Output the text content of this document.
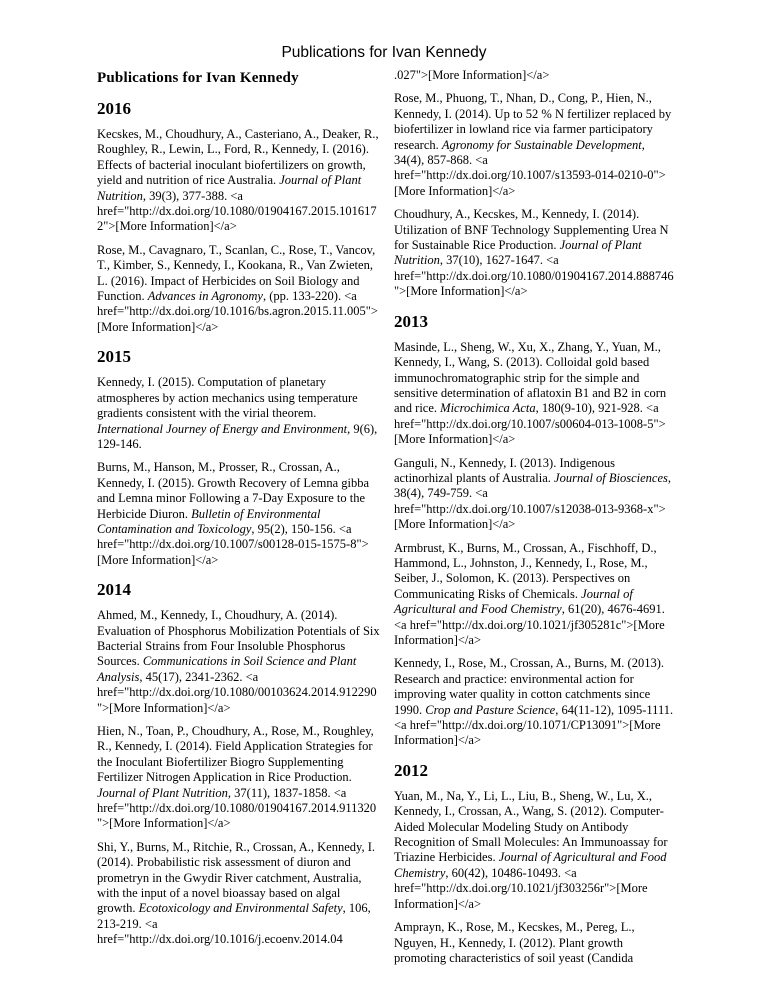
Publications for Ivan Kennedy
Publications for Ivan Kennedy
2016

Kecskes, M., Choudhury, A., Casteriano, A., Deaker, R., Roughley, R., Lewin, L., Ford, R., Kennedy, I. (2016). Effects of bacterial inoculant biofertilizers on growth, yield and nutrition of rice Australia. Journal of Plant Nutrition, 39(3), 377-388. <a href="http://dx.doi.org/10.1080/01904167.2015.1016172">[More Information]</a>

Rose, M., Cavagnaro, T., Scanlan, C., Rose, T., Vancov, T., Kimber, S., Kennedy, I., Kookana, R., Van Zwieten, L. (2016). Impact of Herbicides on Soil Biology and Function. Advances in Agronomy, (pp. 133-220). <a href="http://dx.doi.org/10.1016/bs.agron.2015.11.005">[More Information]</a>

2015

Kennedy, I. (2015). Computation of planetary atmospheres by action mechanics using temperature gradients consistent with the virial theorem. International Journey of Energy and Environment, 9(6), 129-146.

Burns, M., Hanson, M., Prosser, R., Crossan, A., Kennedy, I. (2015). Growth Recovery of Lemna gibba and Lemna minor Following a 7-Day Exposure to the Herbicide Diuron. Bulletin of Environmental Contamination and Toxicology, 95(2), 150-156. <a href="http://dx.doi.org/10.1007/s00128-015-1575-8">[More Information]</a>

2014

Ahmed, M., Kennedy, I., Choudhury, A. (2014). Evaluation of Phosphorus Mobilization Potentials of Six Bacterial Strains from Four Insoluble Phosphorus Sources. Communications in Soil Science and Plant Analysis, 45(17), 2341-2362. <a href="http://dx.doi.org/10.1080/00103624.2014.912290">[More Information]</a>

Hien, N., Toan, P., Choudhury, A., Rose, M., Roughley, R., Kennedy, I. (2014). Field Application Strategies for the Inoculant Biofertilizer Biogro Supplementing Fertilizer Nitrogen Application in Rice Production. Journal of Plant Nutrition, 37(11), 1837-1858. <a href="http://dx.doi.org/10.1080/01904167.2014.911320">[More Information]</a>

Shi, Y., Burns, M., Ritchie, R., Crossan, A., Kennedy, I. (2014). Probabilistic risk assessment of diuron and prometryn in the Gwydir River catchment, Australia, with the input of a novel bioassay based on algal growth. Ecotoxicology and Environmental Safety, 106, 213-219. <a href="http://dx.doi.org/10.1016/j.ecoenv.2014.04

.027">[More Information]</a>

Rose, M., Phuong, T., Nhan, D., Cong, P., Hien, N., Kennedy, I. (2014). Up to 52 % N fertilizer replaced by biofertilizer in lowland rice via farmer participatory research. Agronomy for Sustainable Development, 34(4), 857-868. <a href="http://dx.doi.org/10.1007/s13593-014-0210-0">[More Information]</a>

Choudhury, A., Kecskes, M., Kennedy, I. (2014). Utilization of BNF Technology Supplementing Urea N for Sustainable Rice Production. Journal of Plant Nutrition, 37(10), 1627-1647. <a href="http://dx.doi.org/10.1080/01904167.2014.888746">[More Information]</a>

2013

Masinde, L., Sheng, W., Xu, X., Zhang, Y., Yuan, M., Kennedy, I., Wang, S. (2013). Colloidal gold based immunochromatographic strip for the simple and sensitive determination of aflatoxin B1 and B2 in corn and rice. Microchimica Acta, 180(9-10), 921-928. <a href="http://dx.doi.org/10.1007/s00604-013-1008-5">[More Information]</a>

Ganguli, N., Kennedy, I. (2013). Indigenous actinorhizal plants of Australia. Journal of Biosciences, 38(4), 749-759. <a href="http://dx.doi.org/10.1007/s12038-013-9368-x">[More Information]</a>

Armbrust, K., Burns, M., Crossan, A., Fischhoff, D., Hammond, L., Johnston, J., Kennedy, I., Rose, M., Seiber, J., Solomon, K. (2013). Perspectives on Communicating Risks of Chemicals. Journal of Agricultural and Food Chemistry, 61(20), 4676-4691. <a href="http://dx.doi.org/10.1021/jf305281c">[More Information]</a>

Kennedy, I., Rose, M., Crossan, A., Burns, M. (2013). Research and practice: environmental action for improving water quality in cotton catchments since 1990. Crop and Pasture Science, 64(11-12), 1095-1111. <a href="http://dx.doi.org/10.1071/CP13091">[More Information]</a>

2012

Yuan, M., Na, Y., Li, L., Liu, B., Sheng, W., Lu, X., Kennedy, I., Crossan, A., Wang, S. (2012). Computer-Aided Molecular Modeling Study on Antibody Recognition of Small Molecules: An Immunoassay for Triazine Herbicides. Journal of Agricultural and Food Chemistry, 60(42), 10486-10493. <a href="http://dx.doi.org/10.1021/jf303256r">[More Information]</a>

Amprayn, K., Rose, M., Kecskes, M., Pereg, L., Nguyen, H., Kennedy, I. (2012). Plant growth promoting characteristics of soil yeast (Candida
